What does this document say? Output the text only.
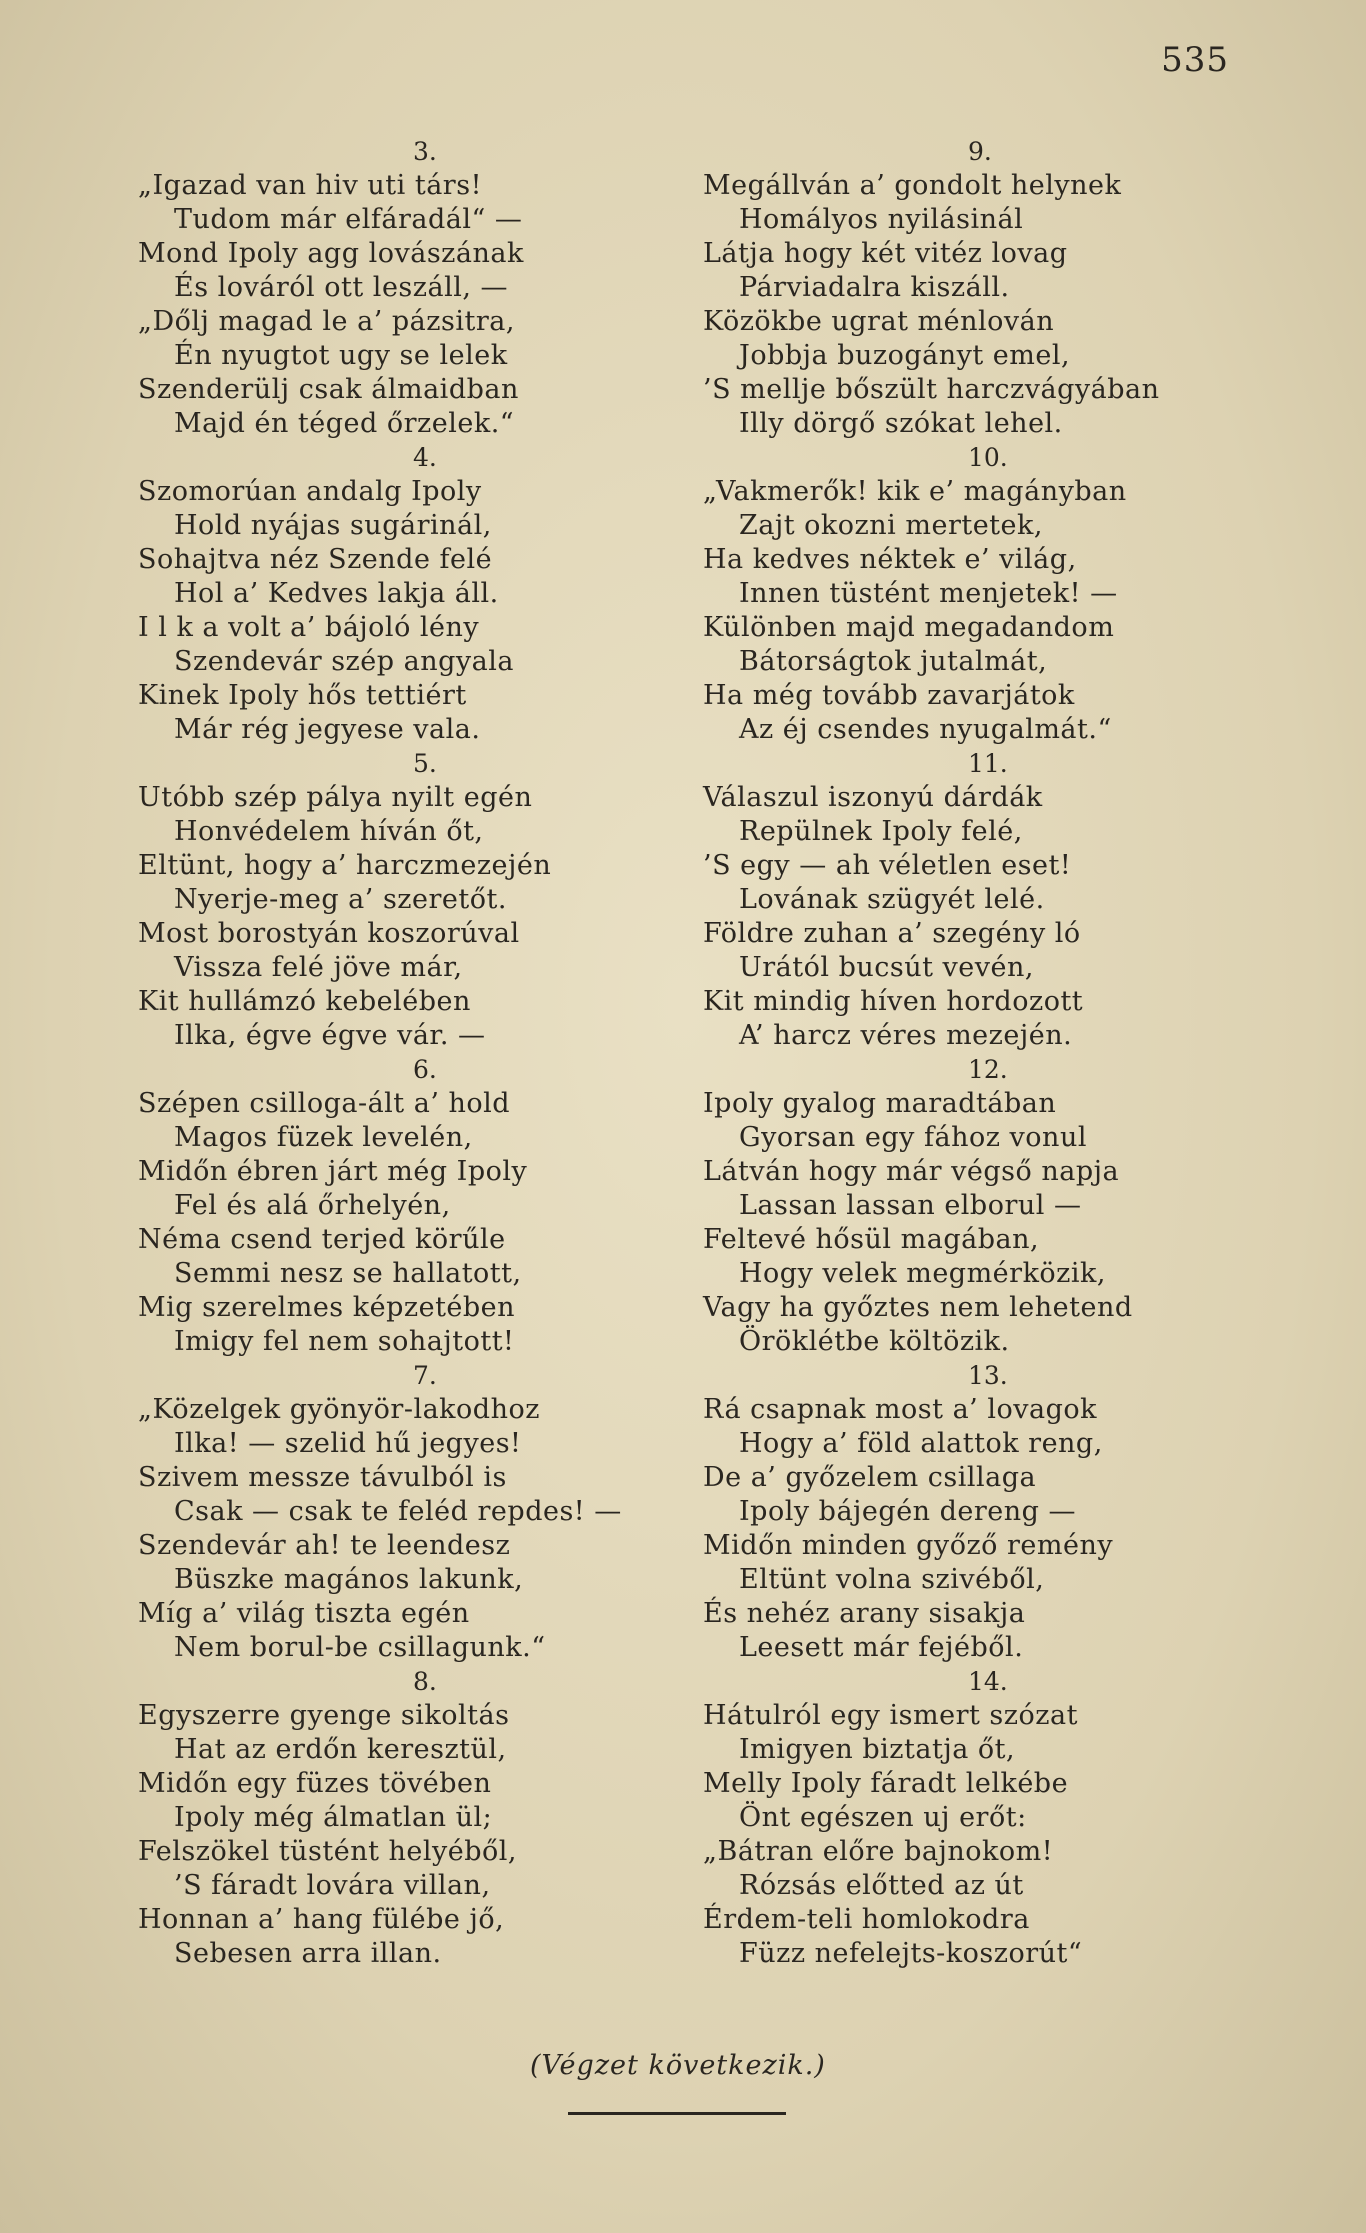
535
3.
„Igazad van hiv uti társ!
Tudom már elfáradál“ —
Mond Ipoly agg lovászának
És lováról ott leszáll, —
„Dőlj magad le a’ pázsitra,
Én nyugtot ugy se lelek
Szenderülj csak álmaidban
Majd én téged őrzelek.“
4.
Szomorúan andalg Ipoly
Hold nyájas sugárinál,
Sohajtva néz Szende felé
Hol a’ Kedves lakja áll.
I l k a volt a’ bájoló lény
Szendevár szép angyala
Kinek Ipoly hős tettiért
Már rég jegyese vala.
5.
Utóbb szép pálya nyilt egén
Honvédelem híván őt,
Eltünt, hogy a’ harczmezején
Nyerje-meg a’ szeretőt.
Most borostyán koszorúval
Vissza felé jöve már,
Kit hullámzó kebelében
Ilka, égve égve vár. —
6.
Szépen csilloga-ált a’ hold
Magos füzek levelén,
Midőn ébren járt még Ipoly
Fel és alá őrhelyén,
Néma csend terjed körűle
Semmi nesz se hallatott,
Mig szerelmes képzetében
Imigy fel nem sohajtott!
7.
„Közelgek gyönyör-lakodhoz
Ilka! — szelid hű jegyes!
Szivem messze távulból is
Csak — csak te feléd repdes! —
Szendevár ah! te leendesz
Büszke magános lakunk,
Míg a’ világ tiszta egén
Nem borul-be csillagunk.“
8.
Egyszerre gyenge sikoltás
Hat az erdőn keresztül,
Midőn egy füzes tövében
Ipoly még álmatlan ül;
Felszökel tüstént helyéből,
’S fáradt lovára villan,
Honnan a’ hang fülébe jő,
Sebesen arra illan.
9.
Megállván a’ gondolt helynek
Homályos nyilásinál
Látja hogy két vitéz lovag
Párviadalra kiszáll.
Közökbe ugrat ménlován
Jobbja buzogányt emel,
’S mellje bőszült harczvágyában
Illy dörgő szókat lehel.
10.
„Vakmerők! kik e’ magányban
Zajt okozni mertetek,
Ha kedves néktek e’ világ,
Innen tüstént menjetek! —
Különben majd megadandom
Bátorságtok jutalmát,
Ha még tovább zavarjátok
Az éj csendes nyugalmát.“
11.
Válaszul iszonyú dárdák
Repülnek Ipoly felé,
’S egy — ah véletlen eset!
Lovának szügyét lelé.
Földre zuhan a’ szegény ló
Urától bucsút vevén,
Kit mindig híven hordozott
A’ harcz véres mezején.
12.
Ipoly gyalog maradtában
Gyorsan egy fához vonul
Látván hogy már végső napja
Lassan lassan elborul —
Feltevé hősül magában,
Hogy velek megmérközik,
Vagy ha győztes nem lehetend
Öröklétbe költözik.
13.
Rá csapnak most a’ lovagok
Hogy a’ föld alattok reng,
De a’ győzelem csillaga
Ipoly bájegén dereng —
Midőn minden győző remény
Eltünt volna szivéből,
És nehéz arany sisakja
Leesett már fejéből.
14.
Hátulról egy ismert szózat
Imigyen biztatja őt,
Melly Ipoly fáradt lelkébe
Önt egészen uj erőt:
„Bátran előre bajnokom!
Rózsás előtted az út
Érdem-teli homlokodra
Füzz nefelejts-koszorút“
(Végzet következik.)
